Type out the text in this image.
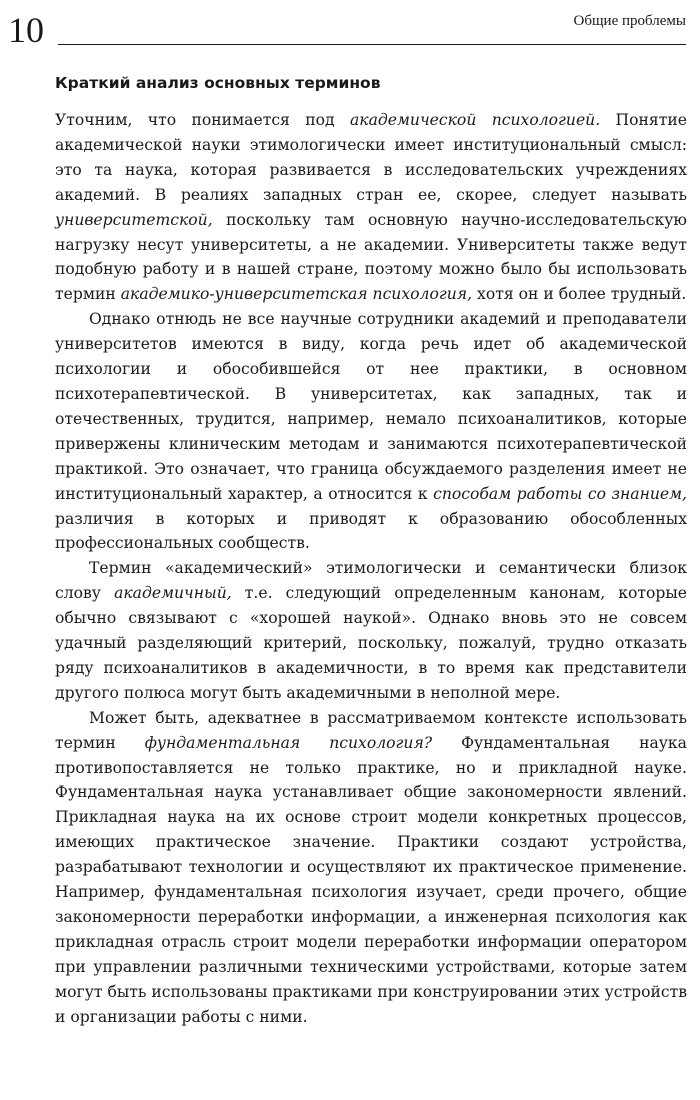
10	Общие проблемы
Краткий анализ основных терминов

Уточним, что понимается под академической психологией. Понятие академической науки этимологически имеет институциональный смысл: это та наука, которая развивается в исследовательских учреждениях академий. В реалиях западных стран ее, скорее, следует называть университетской, поскольку там основную научно-исследовательскую нагрузку несут университеты, а не академии. Университеты также ведут подобную работу и в нашей стране, поэтому можно было бы использовать термин академико-университетская психология, хотя он и более трудный.

Однако отнюдь не все научные сотрудники академий и преподаватели университетов имеются в виду, когда речь идет об академической психологии и обособившейся от нее практики, в основном психотерапевтической. В университетах, как западных, так и отечественных, трудится, например, немало психоаналитиков, которые привержены клиническим методам и занимаются психотерапевтической практикой. Это означает, что граница обсуждаемого разделения имеет не институциональный характер, а относится к способам работы со знанием, различия в которых и приводят к образованию обособленных профессиональных сообществ.

Термин «академический» этимологически и семантически близок слову академичный, т.е. следующий определенным канонам, которые обычно связывают с «хорошей наукой». Однако вновь это не совсем удачный разделяющий критерий, поскольку, пожалуй, трудно отказать ряду психоаналитиков в академичности, в то время как представители другого полюса могут быть академичными в неполной мере.

Может быть, адекватнее в рассматриваемом контексте использовать термин фундаментальная психология? Фундаментальная наука противопоставляется не только практике, но и прикладной науке. Фундаментальная наука устанавливает общие закономерности явлений. Прикладная наука на их основе строит модели конкретных процессов, имеющих практическое значение. Практики создают устройства, разрабатывают технологии и осуществляют их практическое применение. Например, фундаментальная психология изучает, среди прочего, общие закономерности переработки информации, а инженерная психология как прикладная отрасль строит модели переработки информации оператором при управлении различными техническими устройствами, которые затем могут быть использованы практиками при конструировании этих устройств и организации работы с ними.
